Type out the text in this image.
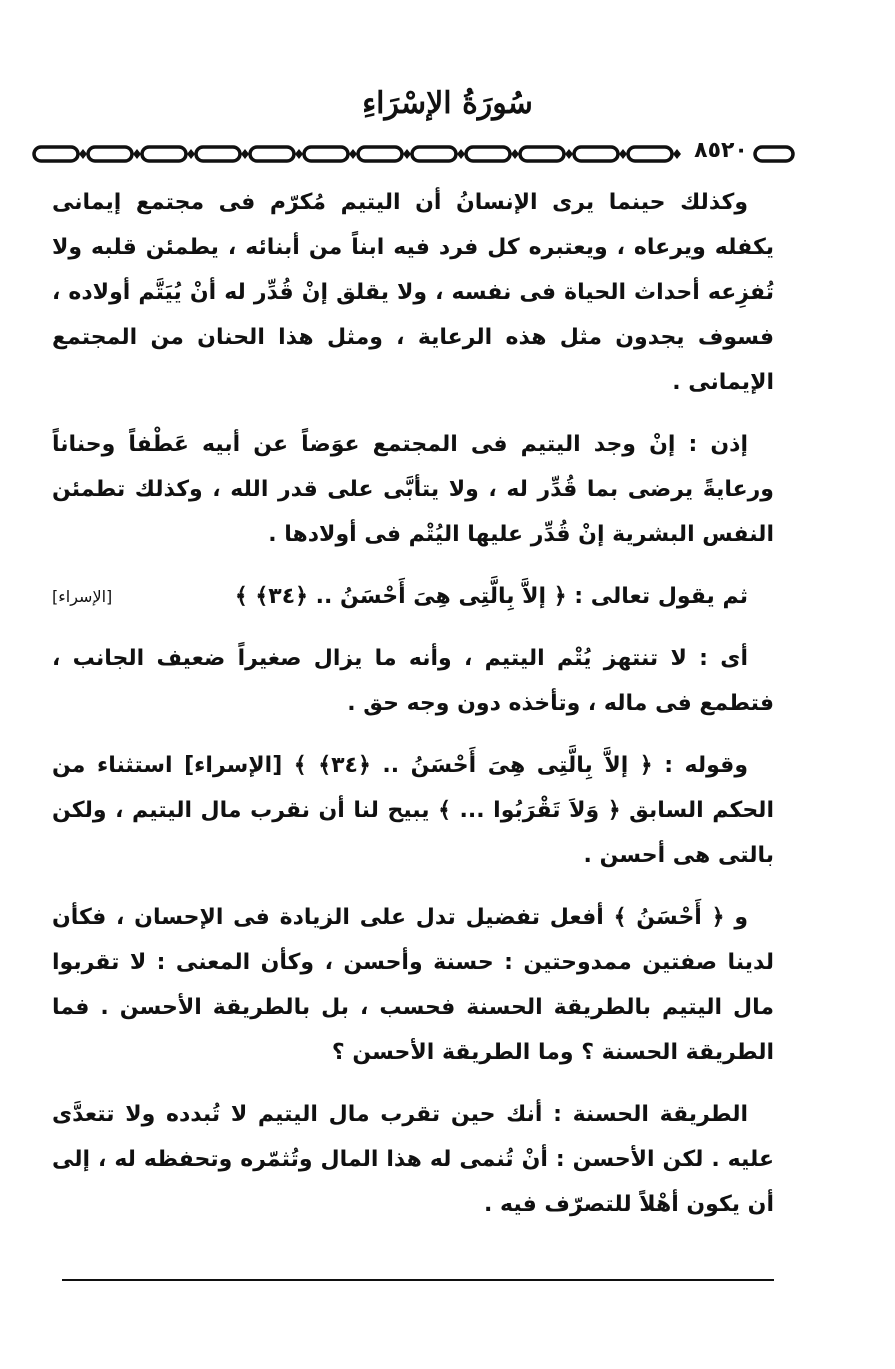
سُورَةُ الإسْرَاءِ
٨٥٢٠

وكذلك حينما يرى الإنسانُ أن اليتيم مُكرّم فى مجتمع إيمانى يكفله ويرعاه ، ويعتبره كل فرد فيه ابناً من أبنائه ، يطمئن قلبه ولا تُفزِعه أحداث الحياة فى نفسه ، ولا يقلق إنْ قُدِّر له أنْ يُيَتَّم أولاده ، فسوف يجدون مثل هذه الرعاية ، ومثل هذا الحنان من المجتمع الإيمانى .

إذن : إنْ وجد اليتيم فى المجتمع عوَضاً عن أبيه عَطْفاً وحناناً ورعايةً يرضى بما قُدِّر له ، ولا يتأبَّى على قدر الله ، وكذلك تطمئن النفس البشرية إنْ قُدِّر عليها اليُتْم فى أولادها .

ثم يقول تعالى : ﴿ إلاَّ بِالَّتِى هِىَ أَحْسَنُ .. ﴿٣٤﴾ ﴾
[الإسراء]

أى : لا تنتهز يُتْم اليتيم ، وأنه ما يزال صغيراً ضعيف الجانب ، فتطمع فى ماله ، وتأخذه دون وجه حق .

وقوله : ﴿ إلاَّ بِالَّتِى هِىَ أَحْسَنُ .. ﴿٣٤﴾ ﴾ [الإسراء] استثناء من الحكم السابق ﴿ وَلاَ تَقْرَبُوا ... ﴾ يبيح لنا أن نقرب مال اليتيم ، ولكن بالتى هى أحسن .

و ﴿ أَحْسَنُ ﴾ أفعل تفضيل تدل على الزيادة فى الإحسان ، فكأن لدينا صفتين ممدوحتين : حسنة وأحسن ، وكأن المعنى : لا تقربوا مال اليتيم بالطريقة الحسنة فحسب ، بل بالطريقة الأحسن . فما الطريقة الحسنة ؟ وما الطريقة الأحسن ؟

الطريقة الحسنة : أنك حين تقرب مال اليتيم لا تُبدده ولا تتعدَّى عليه . لكن الأحسن : أنْ تُنمى له هذا المال وتُثمّره وتحفظه له ، إلى أن يكون أهْلاً للتصرّف فيه .
